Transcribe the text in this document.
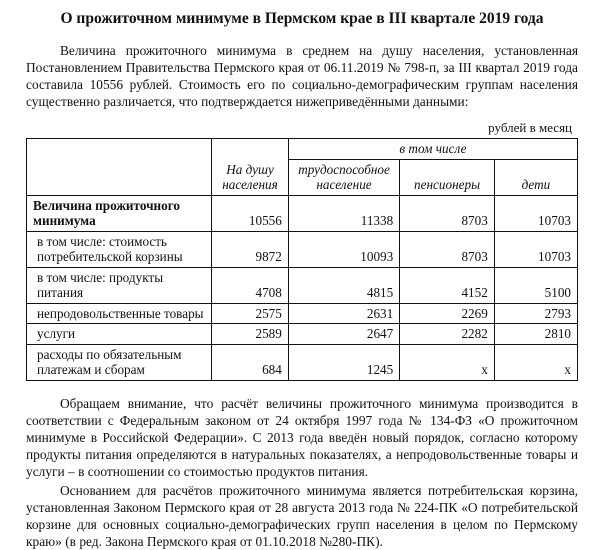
О прожиточном минимуме в Пермском крае в III квартале 2019 года

Величина прожиточного минимума в среднем на душу населения, установленная Постановлением Правительства Пермского края от 06.11.2019 № 798-п, за III квартал 2019 года составила 10556 рублей. Стоимость его по социально-демографическим группам населения существенно различается, что подтверждается нижеприведёнными данными:

рублей в месяц
	На душу населения	в том числе		
		трудоспособное население	пенсионеры	дети
Величина прожиточного минимума	10556	11338	8703	10703
в том числе: стоимость потребительской корзины	9872	10093	8703	10703
в том числе: продукты питания	4708	4815	4152	5100
непродовольственные товары	2575	2631	2269	2793
услуги	2589	2647	2282	2810
расходы по обязательным платежам и сборам	684	1245	x	x

Обращаем внимание, что расчёт величины прожиточного минимума производится в соответствии с Федеральным законом от 24 октября 1997 года № 134-ФЗ «О прожиточном минимуме в Российской Федерации». С 2013 года введён новый порядок, согласно которому продукты питания определяются в натуральных показателях, а непродовольственные товары и услуги – в соотношении со стоимостью продуктов питания.

Основанием для расчётов прожиточного минимума является потребительская корзина, установленная Законом Пермского края от 28 августа 2013 года № 224-ПК «О потребительской корзине для основных социально-демографических групп населения в целом по Пермскому краю» (в ред. Закона Пермского края от 01.10.2018 №280-ПК).
